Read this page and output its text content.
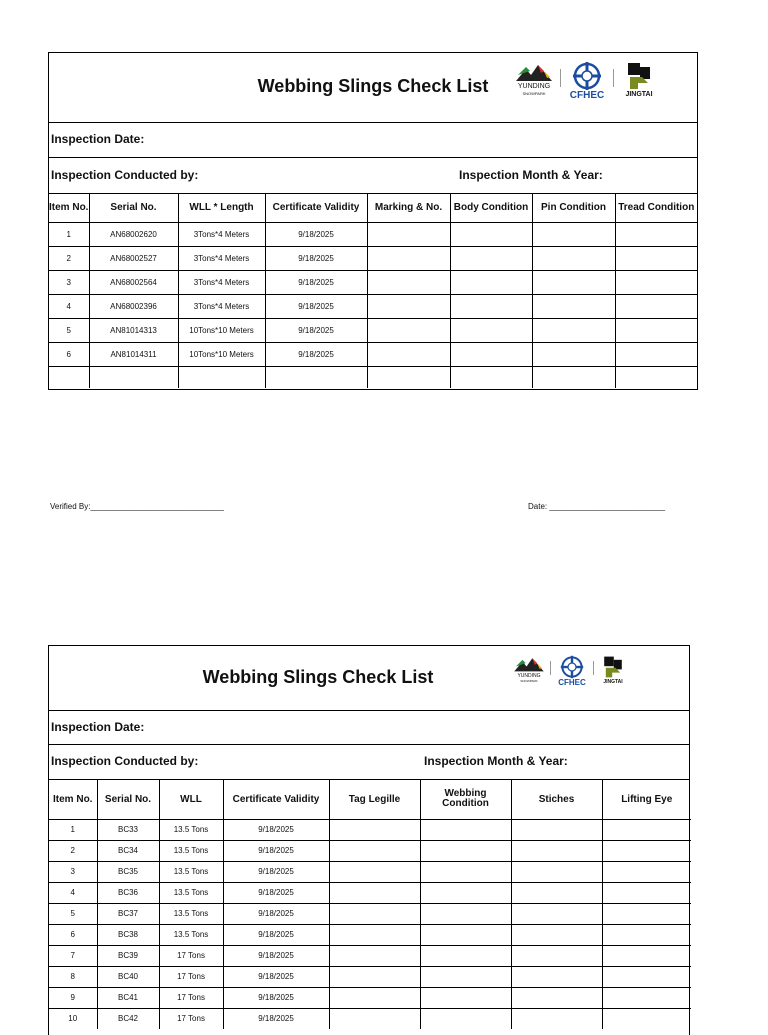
Webbing Slings Check List	YUNDING
SNOWPARK CFHEC	JINGTAI
Inspection Date:
Inspection Conducted by:	Inspection Month & Year:
Item No.	Serial No.	WLL * Length	Certificate Validity	Marking & No.	Body Condition	Pin Condition	Tread Condition
1	AN68002620	3Tons*4 Meters	9/18/2025				
2	AN68002527	3Tons*4 Meters	9/18/2025				
3	AN68002564	3Tons*4 Meters	9/18/2025				
4	AN68002396	3Tons*4 Meters	9/18/2025				
5	AN81014313	10Tons*10 Meters	9/18/2025				
6	AN81014311	10Tons*10 Meters	9/18/2025				

Verified By:______________________________	Date: __________________________
Webbing Slings Check List	YUNDING
SNOWPARK	CFHEC	JINGTAI
Inspection Date:
Inspection Conducted by:	Inspection Month & Year:
Item No.	Serial No.	WLL	Certificate Validity	Tag Legille	Webbing Condition	Stiches	Lifting Eye
1	BC33	13.5 Tons	9/18/2025				
2	BC34	13.5 Tons	9/18/2025				
3	BC35	13.5 Tons	9/18/2025				
4	BC36	13.5 Tons	9/18/2025				
5	BC37	13.5 Tons	9/18/2025				
6	BC38	13.5 Tons	9/18/2025				
7	BC39	17 Tons	9/18/2025				
8	BC40	17 Tons	9/18/2025				
9	BC41	17 Tons	9/18/2025				
10	BC42	17 Tons	9/18/2025				
